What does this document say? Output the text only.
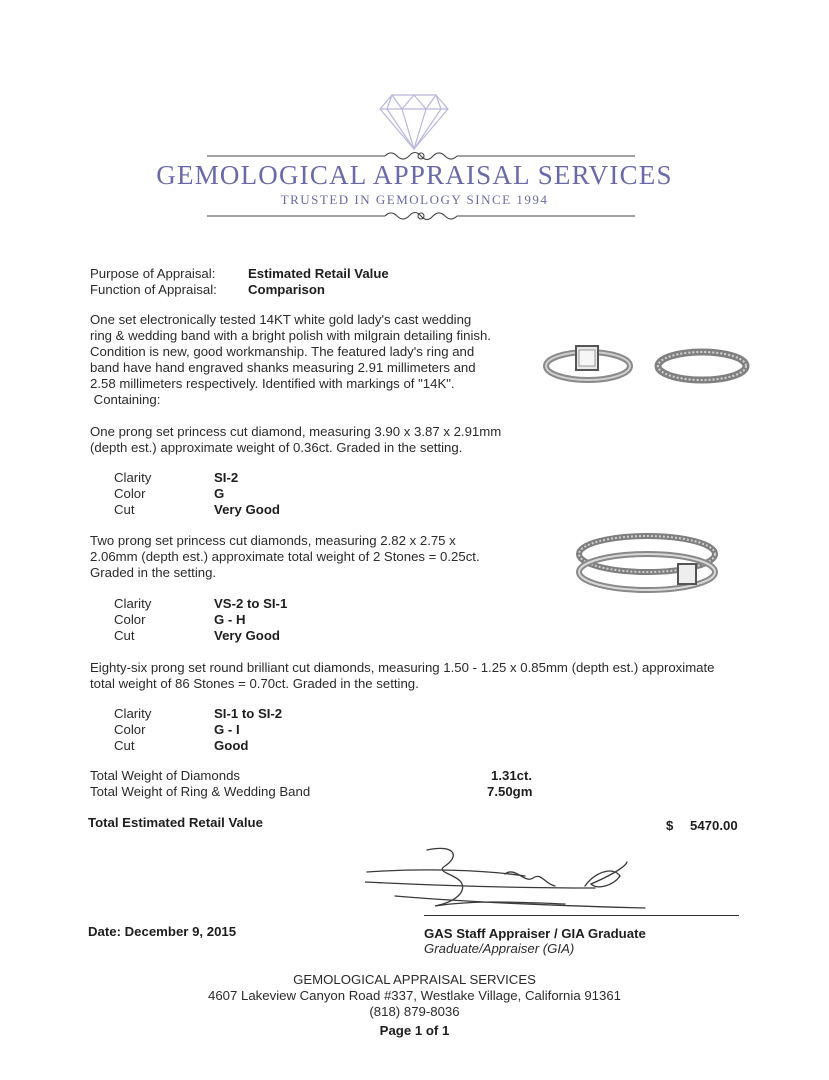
GEMOLOGICAL APPRAISAL SERVICES
TRUSTED IN GEMOLOGY SINCE 1994
Purpose of Appraisal: Estimated Retail Value
Function of Appraisal: Comparison
One set electronically tested 14KT white gold lady's cast wedding
ring & wedding band with a bright polish with milgrain detailing finish.
Condition is new, good workmanship. The featured lady's ring and
band have hand engraved shanks measuring 2.91 millimeters and
2.58 millimeters respectively. Identified with markings of "14K".
Containing:
One prong set princess cut diamond, measuring 3.90 x 3.87 x 2.91mm
(depth est.) approximate weight of 0.36ct. Graded in the setting.
Clarity	SI-2
Color	G
Cut	Very Good
Two prong set princess cut diamonds, measuring 2.82 x 2.75 x
2.06mm (depth est.) approximate total weight of 2 Stones = 0.25ct.
Graded in the setting.
Clarity	VS-2 to SI-1
Color	G - H
Cut	Very Good
Eighty-six prong set round brilliant cut diamonds, measuring 1.50 - 1.25 x 0.85mm (depth est.) approximate
total weight of 86 Stones = 0.70ct. Graded in the setting.
Clarity	SI-1 to SI-2
Color	G - I
Cut	Good
Total Weight of Diamonds	1.31ct.
Total Weight of Ring & Wedding Band	7.50gm
Total Estimated Retail Value	$ 5470.00
Date: December 9, 2015	GAS Staff Appraiser / GIA Graduate
Graduate/Appraiser (GIA)
GEMOLOGICAL APPRAISAL SERVICES
4607 Lakeview Canyon Road #337, Westlake Village, California 91361
(818) 879-8036
Page 1 of 1
